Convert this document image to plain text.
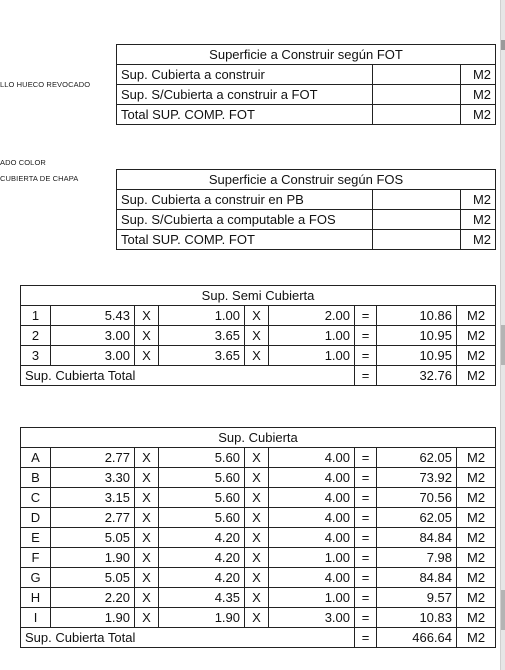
LLO HUECO REVOCADO
ADO COLOR
CUBIERTA DE CHAPA
Superficie a Construir según FOT		
Sup. Cubierta a construir		M2
Sup. S/Cubierta a construir a FOT		M2
Total SUP. COMP. FOT		M2
Superficie a Construir según FOS		
Sup. Cubierta a construir en PB		M2
Sup. S/Cubierta a computable a FOS		M2
Total SUP. COMP. FOT		M2
Sup. Semi Cubierta								
1	5.43	X	1.00	X	2.00	=	10.86	M2
2	3.00	X	3.65	X	1.00	=	10.95	M2
3	3.00	X	3.65	X	1.00	=	10.95	M2
Sup. Cubierta Total						=	32.76	M2
Sup. Cubierta								
A	2.77	X	5.60	X	4.00	=	62.05	M2
B	3.30	X	5.60	X	4.00	=	73.92	M2
C	3.15	X	5.60	X	4.00	=	70.56	M2
D	2.77	X	5.60	X	4.00	=	62.05	M2
E	5.05	X	4.20	X	4.00	=	84.84	M2
F	1.90	X	4.20	X	1.00	=	7.98	M2
G	5.05	X	4.20	X	4.00	=	84.84	M2
H	2.20	X	4.35	X	1.00	=	9.57	M2
I	1.90	X	1.90	X	3.00	=	10.83	M2
Sup. Cubierta Total						=	466.64	M2
